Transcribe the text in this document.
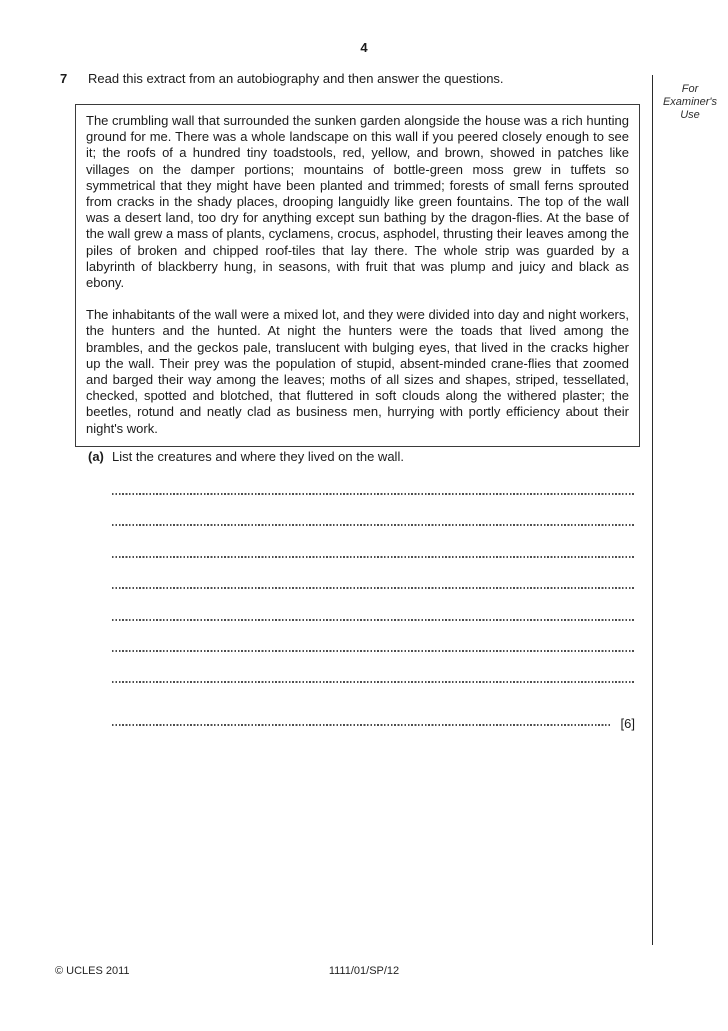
4
7 Read this extract from an autobiography and then answer the questions.
For
Examiner's
Use

The crumbling wall that surrounded the sunken garden alongside the house was a rich hunting ground for me. There was a whole landscape on this wall if you peered closely enough to see it; the roofs of a hundred tiny toadstools, red, yellow, and brown, showed in patches like villages on the damper portions; mountains of bottle-green moss grew in tuffets so symmetrical that they might have been planted and trimmed; forests of small ferns sprouted from cracks in the shady places, drooping languidly like green fountains. The top of the wall was a desert land, too dry for anything except sun bathing by the dragon-flies. At the base of the wall grew a mass of plants, cyclamens, crocus, asphodel, thrusting their leaves among the piles of broken and chipped roof-tiles that lay there. The whole strip was guarded by a labyrinth of blackberry hung, in seasons, with fruit that was plump and juicy and black as ebony.

The inhabitants of the wall were a mixed lot, and they were divided into day and night workers, the hunters and the hunted. At night the hunters were the toads that lived among the brambles, and the geckos pale, translucent with bulging eyes, that lived in the cracks higher up the wall. Their prey was the population of stupid, absent-minded crane-flies that zoomed and barged their way among the leaves; moths of all sizes and shapes, striped, tessellated, checked, spotted and blotched, that fluttered in soft clouds along the withered plaster; the beetles, rotund and neatly clad as business men, hurrying with portly efficiency about their night's work.

(a) List the creatures and where they lived on the wall.
[6]
© UCLES 2011	1111/01/SP/12
